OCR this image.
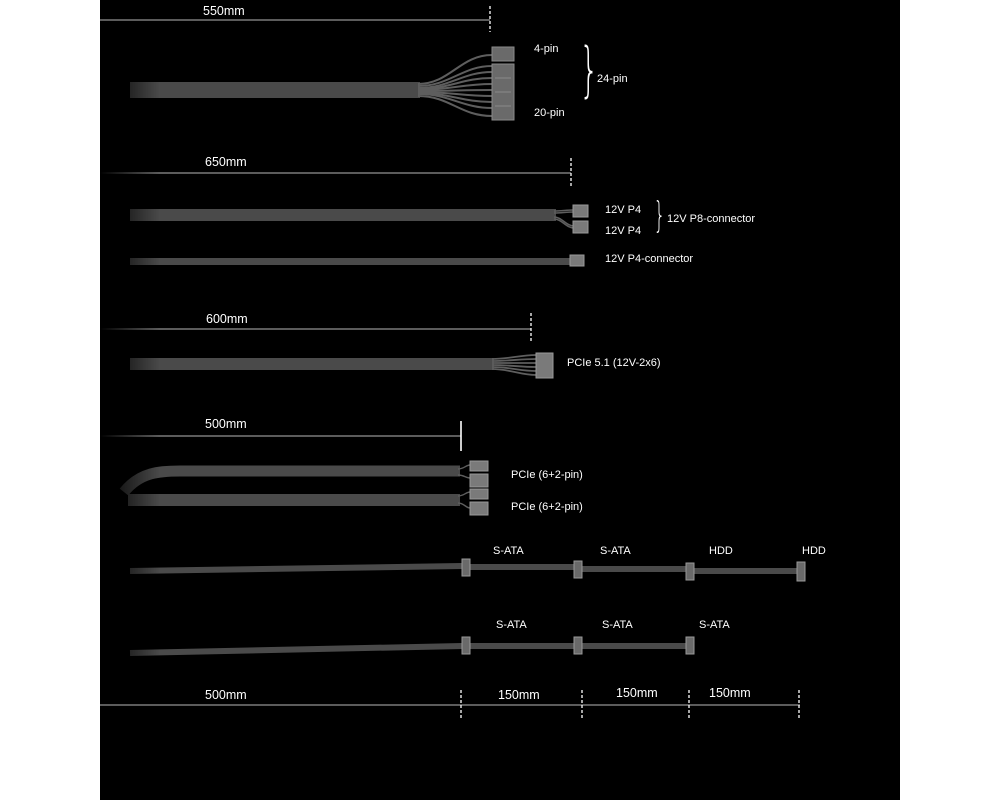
550mm
650mm
600mm
500mm
4-pin
20-pin
}
24-pin
12V P4
12V P4 } 12V P8-connector
12V P4-connector
PCIe 5.1 (12V-2x6)
PCIe (6+2-pin)
PCIe (6+2-pin)
S-ATA	S-ATA	HDD	HDD
S-ATA	S-ATA	S-ATA
500mm	150mm	150mm	150mm
